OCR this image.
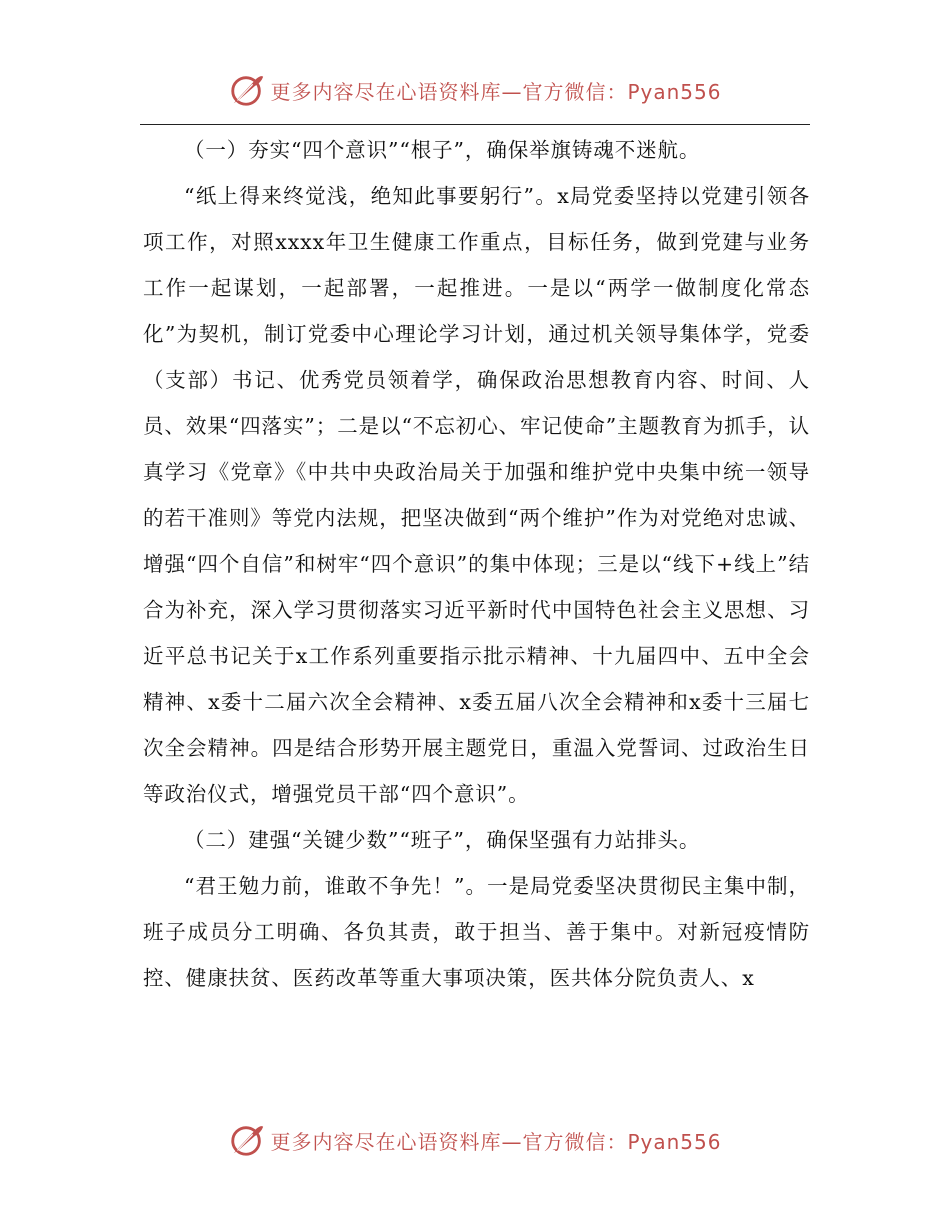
更多内容尽在心语资料库—官方微信：Pyan556

（一）夯实“四个意识”“根子”，确保举旗铸魂不迷航。

“纸上得来终觉浅，绝知此事要躬行”。x局党委坚持以党建引领各项工作，对照xxxx年卫生健康工作重点，目标任务，做到党建与业务工作一起谋划，一起部署，一起推进。一是以“两学一做制度化常态化”为契机，制订党委中心理论学习计划，通过机关领导集体学，党委（支部）书记、优秀党员领着学，确保政治思想教育内容、时间、人员、效果“四落实”；二是以“不忘初心、牢记使命”主题教育为抓手，认真学习《党章》《中共中央政治局关于加强和维护党中央集中统一领导的若干准则》等党内法规，把坚决做到“两个维护”作为对党绝对忠诚、增强“四个自信”和树牢“四个意识”的集中体现；三是以“线下+线上”结合为补充，深入学习贯彻落实习近平新时代中国特色社会主义思想、习近平总书记关于x工作系列重要指示批示精神、十九届四中、五中全会精神、x委十二届六次全会精神、x委五届八次全会精神和x委十三届七次全会精神。四是结合形势开展主题党日，重温入党誓词、过政治生日等政治仪式，增强党员干部“四个意识”。

（二）建强“关键少数”“班子”，确保坚强有力站排头。

“君王勉力前，谁敢不争先！”。一是局党委坚决贯彻民主集中制，班子成员分工明确、各负其责，敢于担当、善于集中。对新冠疫情防控、健康扶贫、医药改革等重大事项决策，医共体分院负责人、x

更多内容尽在心语资料库—官方微信：Pyan556
